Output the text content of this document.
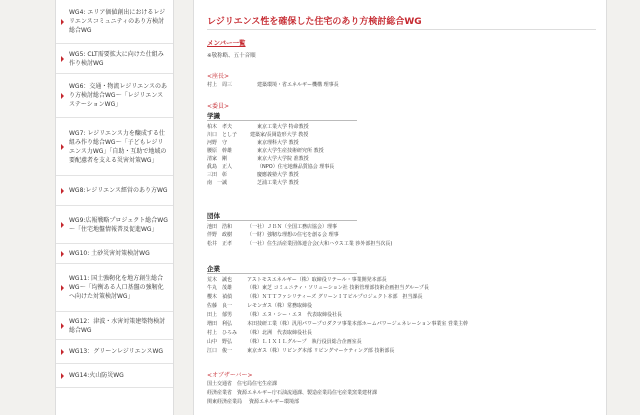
WG4: エリア価値創出におけるレジリエンスコミュニティのあり方検討総合WG
WG5: CLT需要拡大に向けた仕組み作り検討WG
WG6：交通・物流レジリエンスのあり方検討総合WG～「レジリエンスステーションWG」
WG7: レジリエンス力を醸成する仕組み作り総合WG～「子どもレジリエンス力WG」「自助・互助で地域の要配慮者を支える災害対策WG」
WG8:レジリエンス經営のあり方WG
WG9:広報戦略プロジェクト総合WG～「住宅地盤情報普及促進WG」
WG10: 土砂災害対策検討WG
WG11: 国土強靭化を地方創生総合WG～「均衡ある人口基盤の強靭化へ向けた対策検討WG」
WG12：津波・水害対策建築物検討総合WG
WG13：グリーンレジリエンスWG
WG14:火山防災WG
レジリエンス性を確保した住宅のあり方検討総合WG
メンバー一覧
※敬称略、五十音順
<座長>
村上　周三	建築環境・省エネルギー機構 理事長
<委員>
学識
柏木　孝夫	東京工業大学 特命教授
川口　とし子	建築家/長岡造形大学 教授
河野　守	東京理科大学 教授
腰原　幹雄	東京大学生産技術研究所 教授
清家　剛	東京大学大学院 准教授
眞島　正人	（NPO）住宅地盤品質協会 理事長
三田　彰	慶應義塾大学 教授
南　一誠	芝浦工業大学 教授
団体
池田　浩和	（一社）ＪＢＮ（全国工務店協会）理事
伴野　政樹	（一財）強靭な理想の住宅を創る会 理事
松井　正孝	（一社）住生活産業団体連合会(大和ハウス工業 渉外部担当次長)
企業
荒木　誠也	アストモスエネルギー（株）取締役リテール・事業開発本部長
牛丸　茂雄	（株）東芝 コミュニティ・ソリューション社 技術管理部技術企画担当グループ長
櫻木　禎偵	（株）ＮＴＴファシリティーズ グリーンＩＴビルプロジェクト本部　担当課長
佐藤　良一	レモンガス（株）常務取締役
田上　郁男	（株）エヌ・シー・エヌ　代表取締役社長
増田　利弘	本田技研工業（株）汎用パワープロダクツ事業本部ホームパワージェネレーション事業室 営業主幹
村上　ひろみ （株）北洲　代表取締役社長
山中　野弘	（株）ＬＩＸＩＬグループ　執行役員総合企画室長
江口　俊一	東京ガス（株）リビング本部 リビングマーケティング部 技術部長
<オブザーバー>
国土交通省 住宅局住宅生産課
経済産業省 資源エネルギー庁石油流通課、製造産業局住宅産業窯業建材課
関東経済産業局 資源エネルギー環境部
